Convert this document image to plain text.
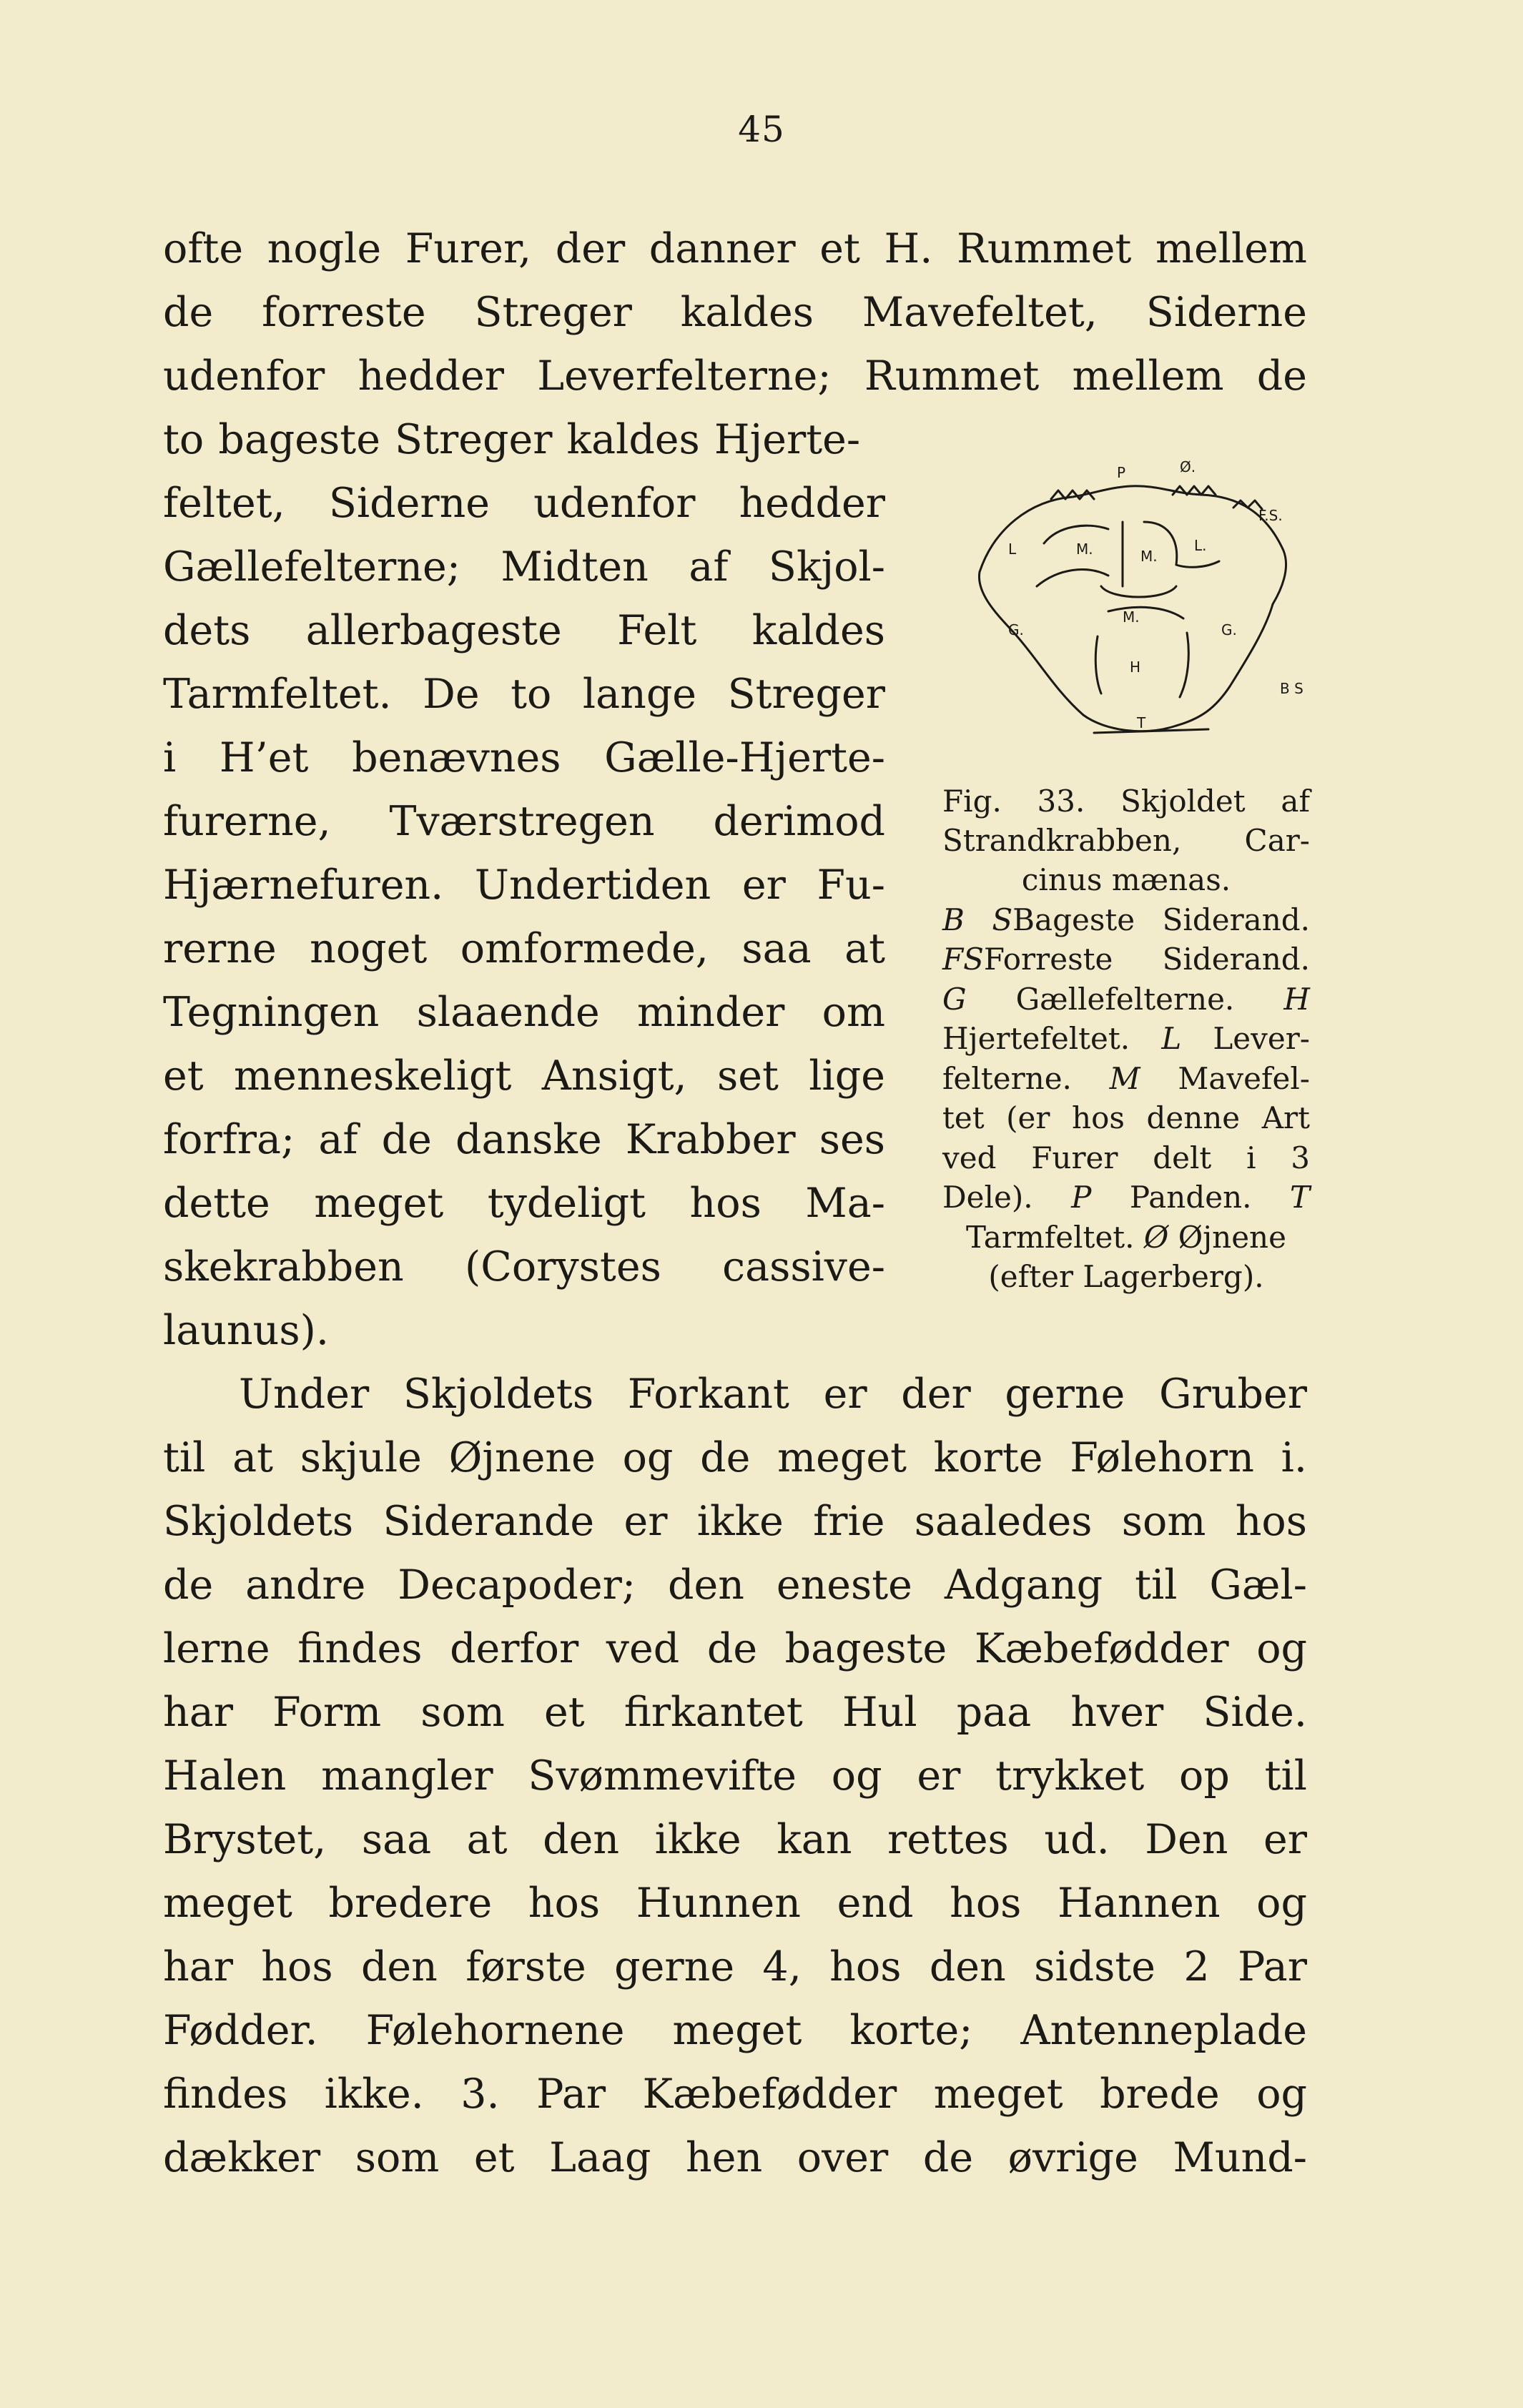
45
ofte nogle Furer, der danner et H. Rummet mellem
de forreste Streger kaldes Mavefeltet, Siderne
udenfor hedder Leverfelterne; Rummet mellem de
to bageste Streger kaldes Hjerte-
feltet, Siderne udenfor hedder
Gællefelterne; Midten af Skjol-
dets allerbageste Felt kaldes
Tarmfeltet. De to lange Streger
i H’et benævnes Gælle-Hjerte-
furerne, Tværstregen derimod
Hjærnefuren. Undertiden er Fu-
rerne noget omformede, saa at
Tegningen slaaende minder om
et menneskeligt Ansigt, set lige
forfra; af de danske Krabber ses
dette meget tydeligt hos Ma-
skekrabben (Corystes cassive-
launus).
P	Ø.
F.S.
L	M.	M.
L.
G.
M.
G.
H
T
B S
Fig. 33. Skjoldet af
Strandkrabben, Car-
cinus mænas.
B SBageste Siderand.
FSForreste Siderand.
G Gællefelterne. H
Hjertefeltet. L Lever-
felterne. M Mavefel-
tet (er hos denne Art
ved Furer delt i 3
Dele). P Panden. T
Tarmfeltet. Ø Øjnene
(efter Lagerberg).
Under Skjoldets Forkant er der gerne Gruber
til at skjule Øjnene og de meget korte Følehorn i.
Skjoldets Siderande er ikke frie saaledes som hos
de andre Decapoder; den eneste Adgang til Gæl-
lerne findes derfor ved de bageste Kæbefødder og
har Form som et firkantet Hul paa hver Side.
Halen mangler Svømmevifte og er trykket op til
Brystet, saa at den ikke kan rettes ud. Den er
meget bredere hos Hunnen end hos Hannen og
har hos den første gerne 4, hos den sidste 2 Par
Fødder. Følehornene meget korte; Antenneplade
findes ikke. 3. Par Kæbefødder meget brede og
dækker som et Laag hen over de øvrige Mund-
